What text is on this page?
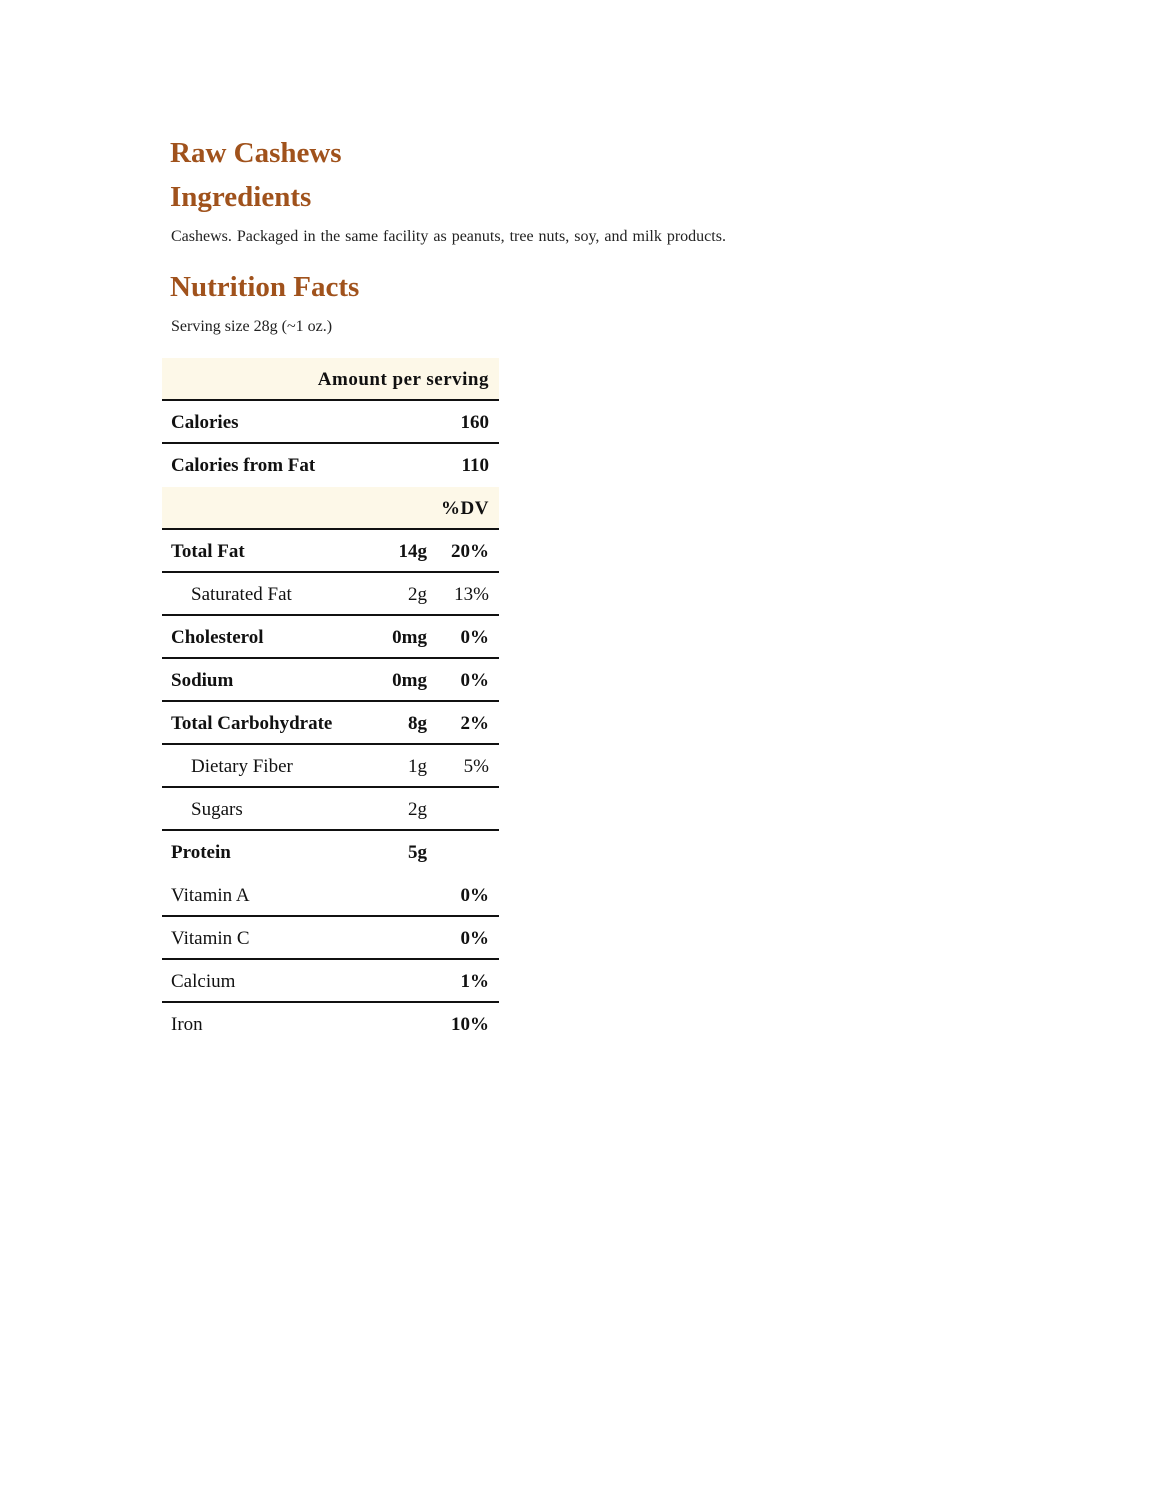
Raw Cashews
Ingredients

Cashews. Packaged in the same facility as peanuts, tree nuts, soy, and milk products.

Nutrition Facts

Serving size 28g (~1 oz.)

Amount per serving
Calories	160
Calories from Fat	110
%DV
Total Fat	14g 20%
Saturated Fat	2g 13%
Cholesterol	0mg 0%
Sodium	0mg 0%
Total Carbohydrate	8g 2%
Dietary Fiber	1g 5%
Sugars	2g
Protein	5g
Vitamin A	0%
Vitamin C	0%
Calcium	1%
Iron	10%
